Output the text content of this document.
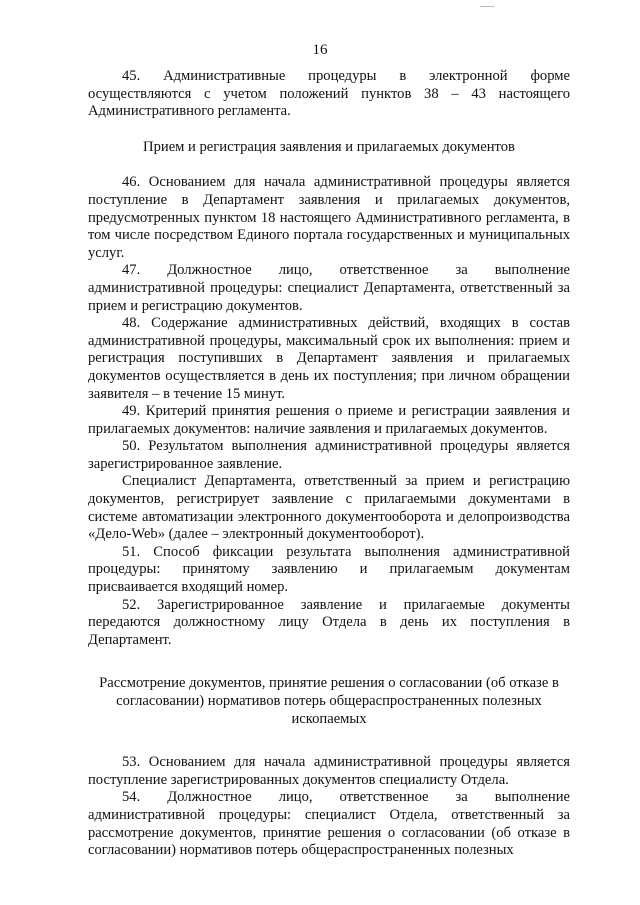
16

45. Административные процедуры в электронной форме осуществляются с учетом положений пунктов 38 – 43 настоящего Административного регламента.

Прием и регистрация заявления и прилагаемых документов

46. Основанием для начала административной процедуры является поступление в Департамент заявления и прилагаемых документов, предусмотренных пунктом 18 настоящего Административного регламента, в том числе посредством Единого портала государственных и муниципальных услуг.

47. Должностное лицо, ответственное за выполнение административной процедуры: специалист Департамента, ответственный за прием и регистрацию документов.

48. Содержание административных действий, входящих в состав административной процедуры, максимальный срок их выполнения: прием и регистрация поступивших в Департамент заявления и прилагаемых документов осуществляется в день их поступления; при личном обращении заявителя – в течение 15 минут.

49. Критерий принятия решения о приеме и регистрации заявления и прилагаемых документов: наличие заявления и прилагаемых документов.

50. Результатом выполнения административной процедуры является зарегистрированное заявление.

Специалист Департамента, ответственный за прием и регистрацию документов, регистрирует заявление с прилагаемыми документами в системе автоматизации электронного документооборота и делопроизводства «Дело-Web» (далее – электронный документооборот).

51. Способ фиксации результата выполнения административной процедуры: принятому заявлению и прилагаемым документам присваивается входящий номер.

52. Зарегистрированное заявление и прилагаемые документы передаются должностному лицу Отдела в день их поступления в Департамент.

Рассмотрение документов, принятие решения о согласовании (об отказе в согласовании) нормативов потерь общераспространенных полезных ископаемых

53. Основанием для начала административной процедуры является поступление зарегистрированных документов специалисту Отдела.

54. Должностное лицо, ответственное за выполнение административной процедуры: специалист Отдела, ответственный за рассмотрение документов, принятие решения о согласовании (об отказе в согласовании) нормативов потерь общераспространенных полезных
